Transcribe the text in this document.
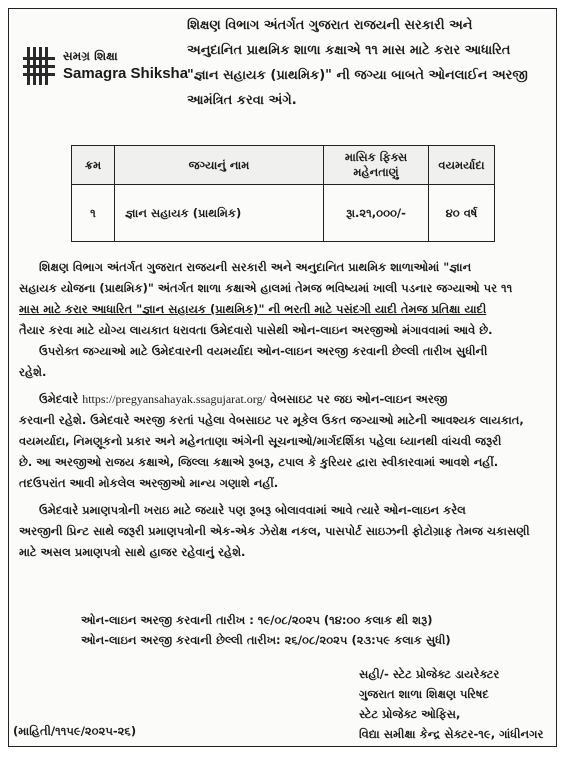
સમગ્ર શિક્ષા
Samagra Shiksha
શિક્ષણ વિભાગ અંતર્ગત ગુજરાત રાજયની સરકારી અને
અનુદાનિત પ્રાથમિક શાળા કક્ષાએ ૧૧ માસ માટે કરાર આધારિત
"જ્ઞાન સહાયક (પ્રાથમિક)" ની જગ્યા બાબતે ઓનલાઈન અરજી
આમંત્રિત કરવા અંગે.
ક્રમ	જગ્યાનું નામ	માસિક ફિક્સ મહેનતાણું	વયમર્યાદા
૧	જ્ઞાન સહાયક (પ્રાથમિક)	રૂા.૨૧,૦૦૦/-	૪૦ વર્ષ

શિક્ષણ વિભાગ અંતર્ગત ગુજરાત રાજયની સરકારી અને અનુદાનિત પ્રાથમિક શાળાઓમાં "જ્ઞાન

સહાયક યોજના (પ્રાથમિક)" અંતર્ગત શાળા કક્ષાએ હાલમાં તેમજ ભવિષ્યમાં ખાલી પડનાર જગ્યાઓ પર ૧૧

માસ માટે કરાર આધારિત "જ્ઞાન સહાયક (પ્રાથમિક)" ની ભરતી માટે પસંદગી યાદી તેમજ પ્રતિક્ષા યાદી

તૈયાર કરવા માટે યોગ્ય લાયકાત ધરાવતા ઉમેદવારો પાસેથી ઓન-લાઇન અરજીઓ મંગાવવામાં આવે છે.

ઉપરોક્ત જગ્યાઓ માટે ઉમેદવારની વયમર્યાદા ઓન-લાઇન અરજી કરવાની છેલ્લી તારીખ સુધીની

રહેશે.

ઉમેદવારે https://pregyansahayak.ssagujarat.org/ વેબસાઇટ પર જઇ ઓન-લાઇન અરજી

કરવાની રહેશે. ઉમેદવારે અરજી કરતાં પહેલા વેબસાઇટ પર મૂકેલ ઉકત જગ્યાઓ માટેની આવશ્યક લાયકાત,

વયમર્યાદા, નિમણૂકનો પ્રકાર અને મહેનતાણા અંગેની સૂચનાઓ/માર્ગદર્શિકા પહેલા ધ્યાનથી વાંચવી જરૂરી

છે. આ અરજીઓ રાજય કક્ષાએ, જિલ્લા કક્ષાએ રૂબરૂ, ટપાલ કે કુરિયર દ્વારા સ્વીકારવામાં આવશે નહીં.

તદઉપરાંત આવી મોકલેલ અરજીઓ માન્ય ગણાશે નહીં.

ઉમેદવારે પ્રમાણપત્રોની ખરાઇ માટે જયારે પણ રૂબરૂ બોલાવવામાં આવે ત્યારે ઓન-લાઇન કરેલ

અરજીની પ્રિન્ટ સાથે જરૂરી પ્રમાણપત્રોની એક-એક ઝેરોક્ષ નકલ, પાસપોર્ટ સાઇઝની ફોટોગ્રાફ તેમજ ચકાસણી

માટે અસલ પ્રમાણપત્રો સાથે હાજર રહેવાનું રહેશે.

ઓન-લાઇન અરજી કરવાની તારીખ : ૧૯/૦૮/૨૦૨૫ (૧૪:૦૦ કલાક થી શરૂ)

ઓન-લાઇન અરજી કરવાની છેલ્લી તારીખ: ૨૬/૦૮/૨૦૨૫ (૨૩:૫૯ કલાક સુધી)

સહી/- સ્ટેટ પ્રોજેક્ટ ડાયરેક્ટર

ગુજરાત શાળા શિક્ષણ પરિષદ

સ્ટેટ પ્રોજેક્ટ ઓફિસ,

વિદ્યા સમીક્ષા કેન્દ્ર સેક્ટર-૧૯, ગાંધીનગર

(માહિતી/૧૧૫૯/૨૦૨૫-૨૬)
